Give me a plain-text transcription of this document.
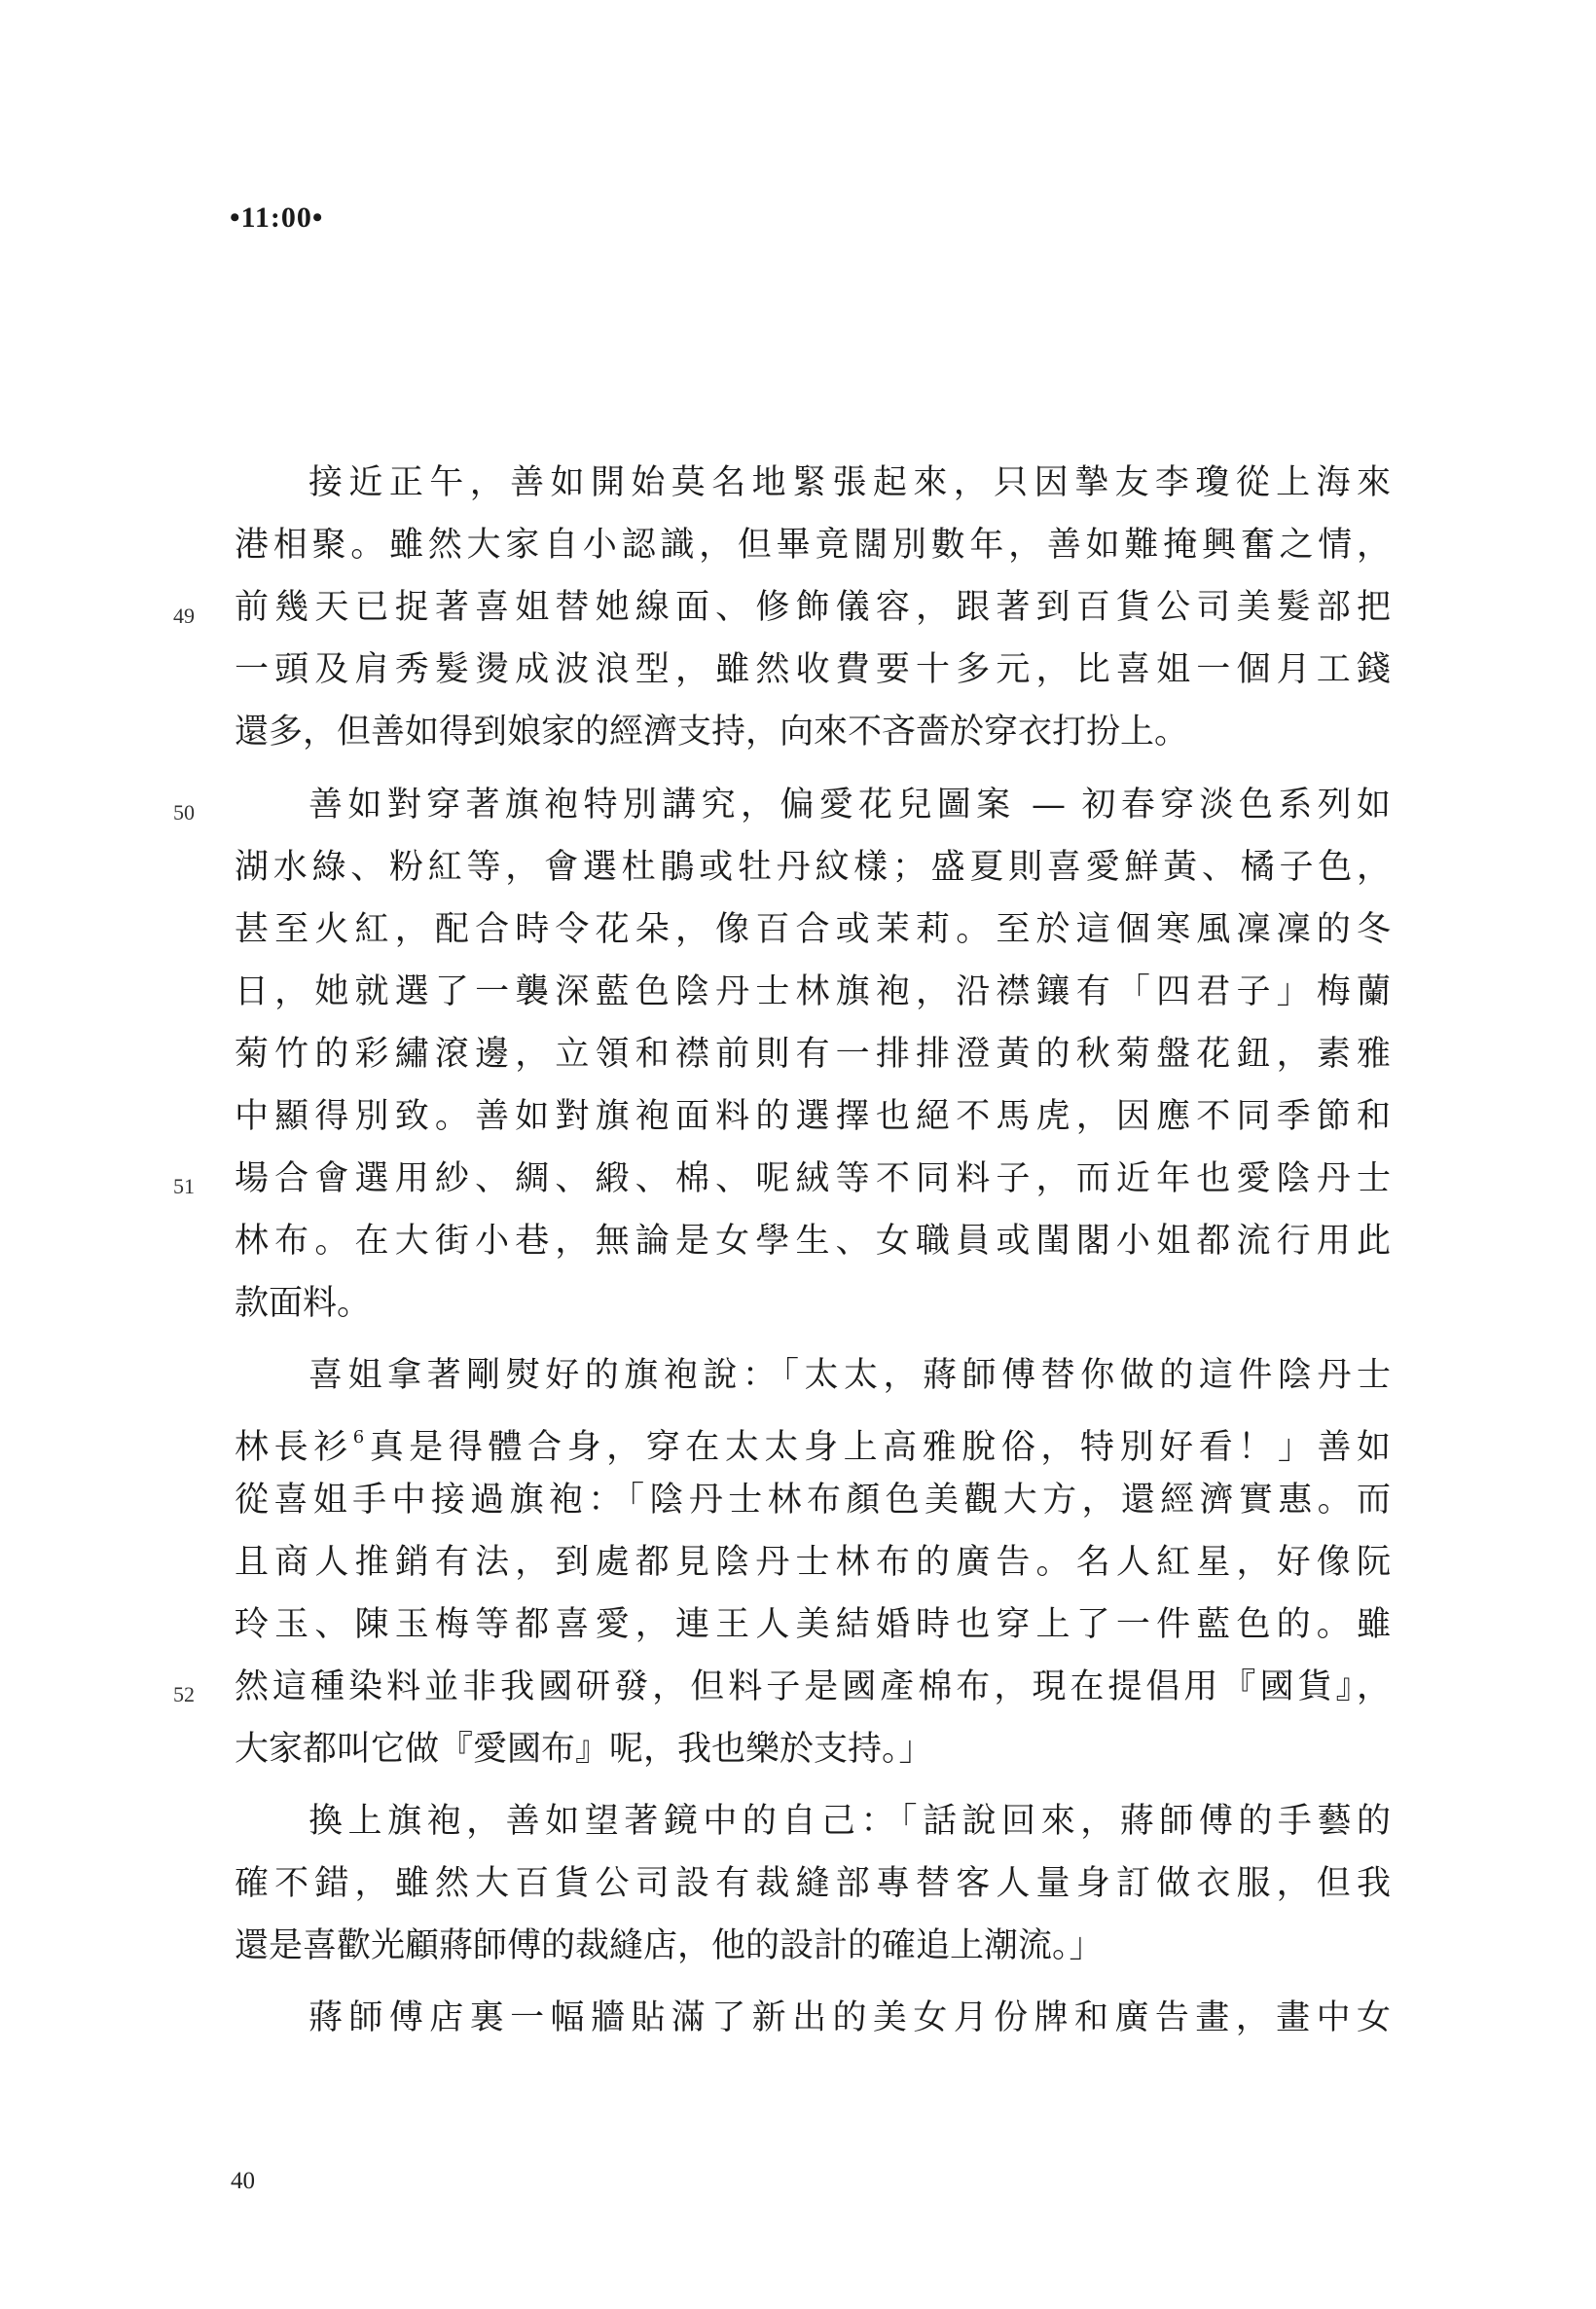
•11:00•
接近正午，善如開始莫名地緊張起來，只因摯友李瓊從上海來
港相聚。雖然大家自小認識，但畢竟闊別數年，善如難掩興奮之情，
前幾天已捉著喜姐替她線面、修飾儀容，跟著到百貨公司美髮部把
一頭及肩秀髮燙成波浪型，雖然收費要十多元，比喜姐一個月工錢
還多，但善如得到娘家的經濟支持，向來不吝嗇於穿衣打扮上。
善如對穿著旗袍特別講究，偏愛花兒圖案 — 初春穿淡色系列如
湖水綠、粉紅等，會選杜鵑或牡丹紋樣；盛夏則喜愛鮮黃、橘子色，
甚至火紅，配合時令花朵，像百合或茉莉。至於這個寒風凜凜的冬
日，她就選了一襲深藍色陰丹士林旗袍，沿襟鑲有「四君子」梅蘭
菊竹的彩繡滾邊，立領和襟前則有一排排澄黃的秋菊盤花鈕，素雅
中顯得別致。善如對旗袍面料的選擇也絕不馬虎，因應不同季節和
場合會選用紗、綢、緞、棉、呢絨等不同料子，而近年也愛陰丹士
林布。在大街小巷，無論是女學生、女職員或閨閣小姐都流行用此
款面料。
喜姐拿著剛熨好的旗袍說：「太太，蔣師傅替你做的這件陰丹士
林長衫$^6$真是得體合身，穿在太太身上高雅脫俗，特別好看！」善如
從喜姐手中接過旗袍：「陰丹士林布顏色美觀大方，還經濟實惠。而
且商人推銷有法，到處都見陰丹士林布的廣告。名人紅星，好像阮
玲玉、陳玉梅等都喜愛，連王人美結婚時也穿上了一件藍色的。雖
然這種染料並非我國研發，但料子是國產棉布，現在提倡用『國貨』，
大家都叫它做『愛國布』呢，我也樂於支持。」
換上旗袍，善如望著鏡中的自己：「話說回來，蔣師傅的手藝的
確不錯，雖然大百貨公司設有裁縫部專替客人量身訂做衣服，但我
還是喜歡光顧蔣師傅的裁縫店，他的設計的確追上潮流。」
蔣師傅店裏一幅牆貼滿了新出的美女月份牌和廣告畫，畫中女
49
50
51
52
40
